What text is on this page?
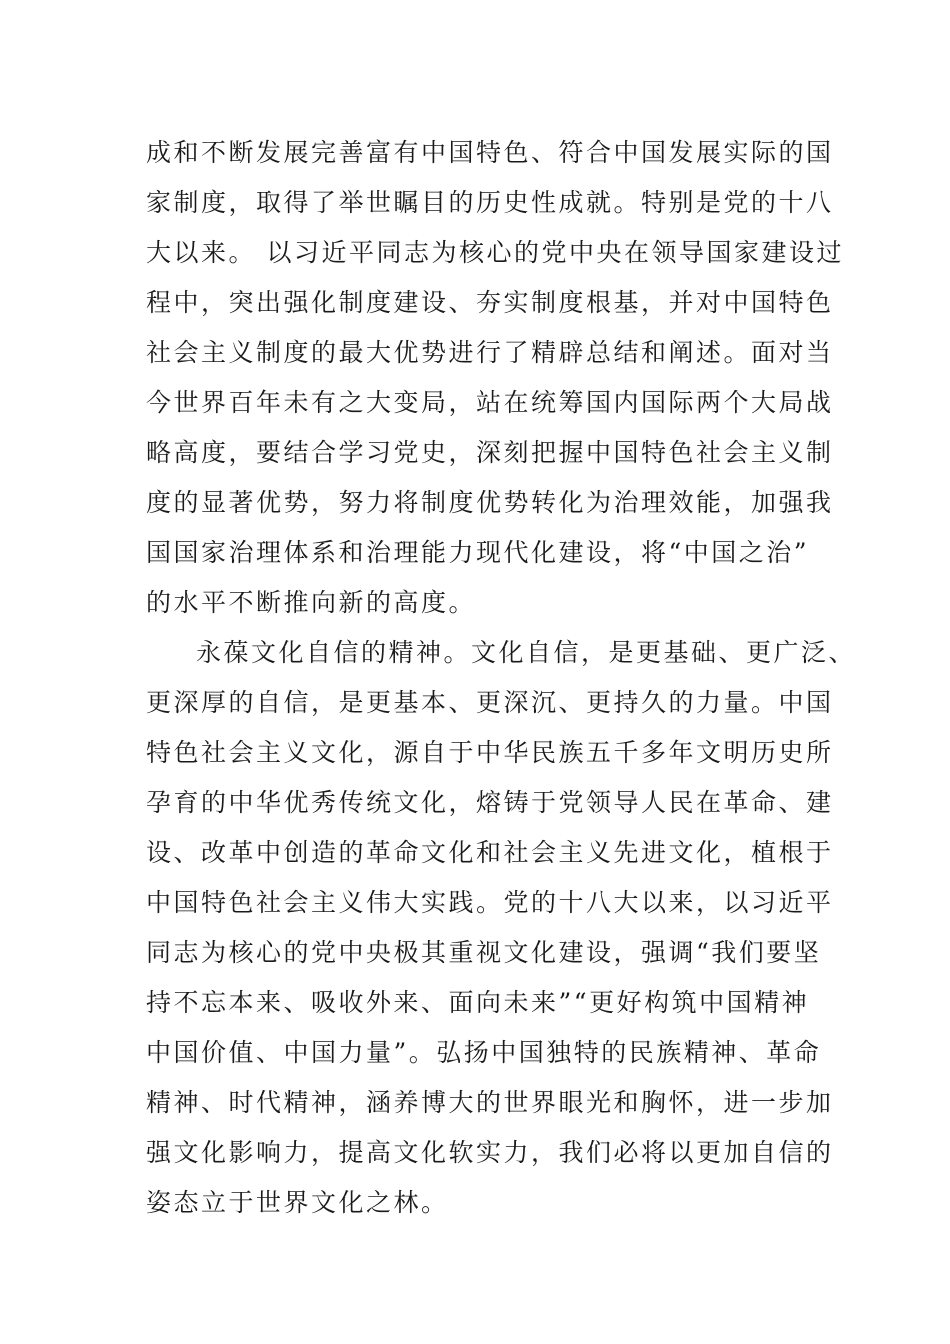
成和不断发展完善富有中国特色、符合中国发展实际的国
家制度，取得了举世瞩目的历史性成就。特别是党的十八
大以来。 以习近平同志为核心的党中央在领导国家建设过
程中，突出强化制度建设、夯实制度根基，并对中国特色
社会主义制度的最大优势进行了精辟总结和阐述。面对当
今世界百年未有之大变局，站在统筹国内国际两个大局战
略高度，要结合学习党史，深刻把握中国特色社会主义制
度的显著优势，努力将制度优势转化为治理效能，加强我
国国家治理体系和治理能力现代化建设，将“中国之治”
的水平不断推向新的高度。
永葆文化自信的精神。文化自信，是更基础、更广泛、
更深厚的自信，是更基本、更深沉、更持久的力量。中国
特色社会主义文化，源自于中华民族五千多年文明历史所
孕育的中华优秀传统文化，熔铸于党领导人民在革命、建
设、改革中创造的革命文化和社会主义先进文化，植根于
中国特色社会主义伟大实践。党的十八大以来，以习近平
同志为核心的党中央极其重视文化建设，强调“我们要坚
持不忘本来、吸收外来、面向未来”“更好构筑中国精神
中国价值、中国力量”。弘扬中国独特的民族精神、革命
精神、时代精神，涵养博大的世界眼光和胸怀，进一步加
强文化影响力，提高文化软实力，我们必将以更加自信的
姿态立于世界文化之林。
